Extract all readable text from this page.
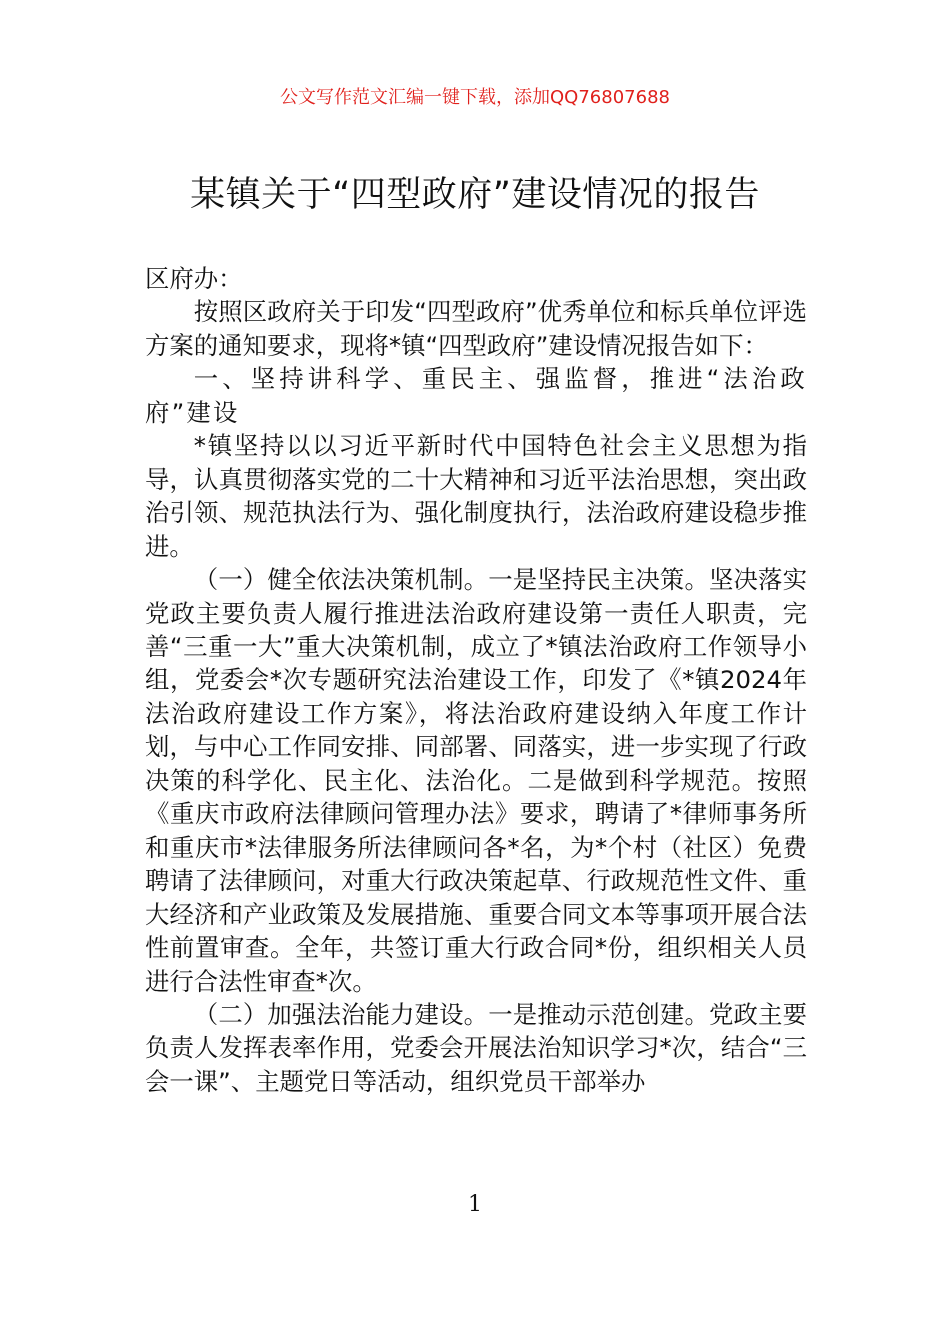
公文写作范文汇编一键下载，添加QQ76807688
某镇关于“四型政府”建设情况的报告

区府办：

按照区政府关于印发“四型政府”优秀单位和标兵单位评选方案的通知要求，现将*镇“四型政府”建设情况报告如下：

一、坚持讲科学、重民主、强监督，推进“法治政府”建设

*镇坚持以以习近平新时代中国特色社会主义思想为指导，认真贯彻落实党的二十大精神和习近平法治思想，突出政治引领、规范执法行为、强化制度执行，法治政府建设稳步推进。

（一）健全依法决策机制。一是坚持民主决策。坚决落实党政主要负责人履行推进法治政府建设第一责任人职责，完善“三重一大”重大决策机制，成立了*镇法治政府工作领导小组，党委会*次专题研究法治建设工作，印发了《*镇2024年法治政府建设工作方案》，将法治政府建设纳入年度工作计划，与中心工作同安排、同部署、同落实，进一步实现了行政决策的科学化、民主化、法治化。二是做到科学规范。按照《重庆市政府法律顾问管理办法》要求，聘请了*律师事务所和重庆市*法律服务所法律顾问各*名，为*个村（社区）免费聘请了法律顾问，对重大行政决策起草、行政规范性文件、重大经济和产业政策及发展措施、重要合同文本等事项开展合法性前置审查。全年，共签订重大行政合同*份，组织相关人员进行合法性审查*次。

（二）加强法治能力建设。一是推动示范创建。党政主要负责人发挥表率作用，党委会开展法治知识学习*次，结合“三会一课”、主题党日等活动，组织党员干部举办

1
